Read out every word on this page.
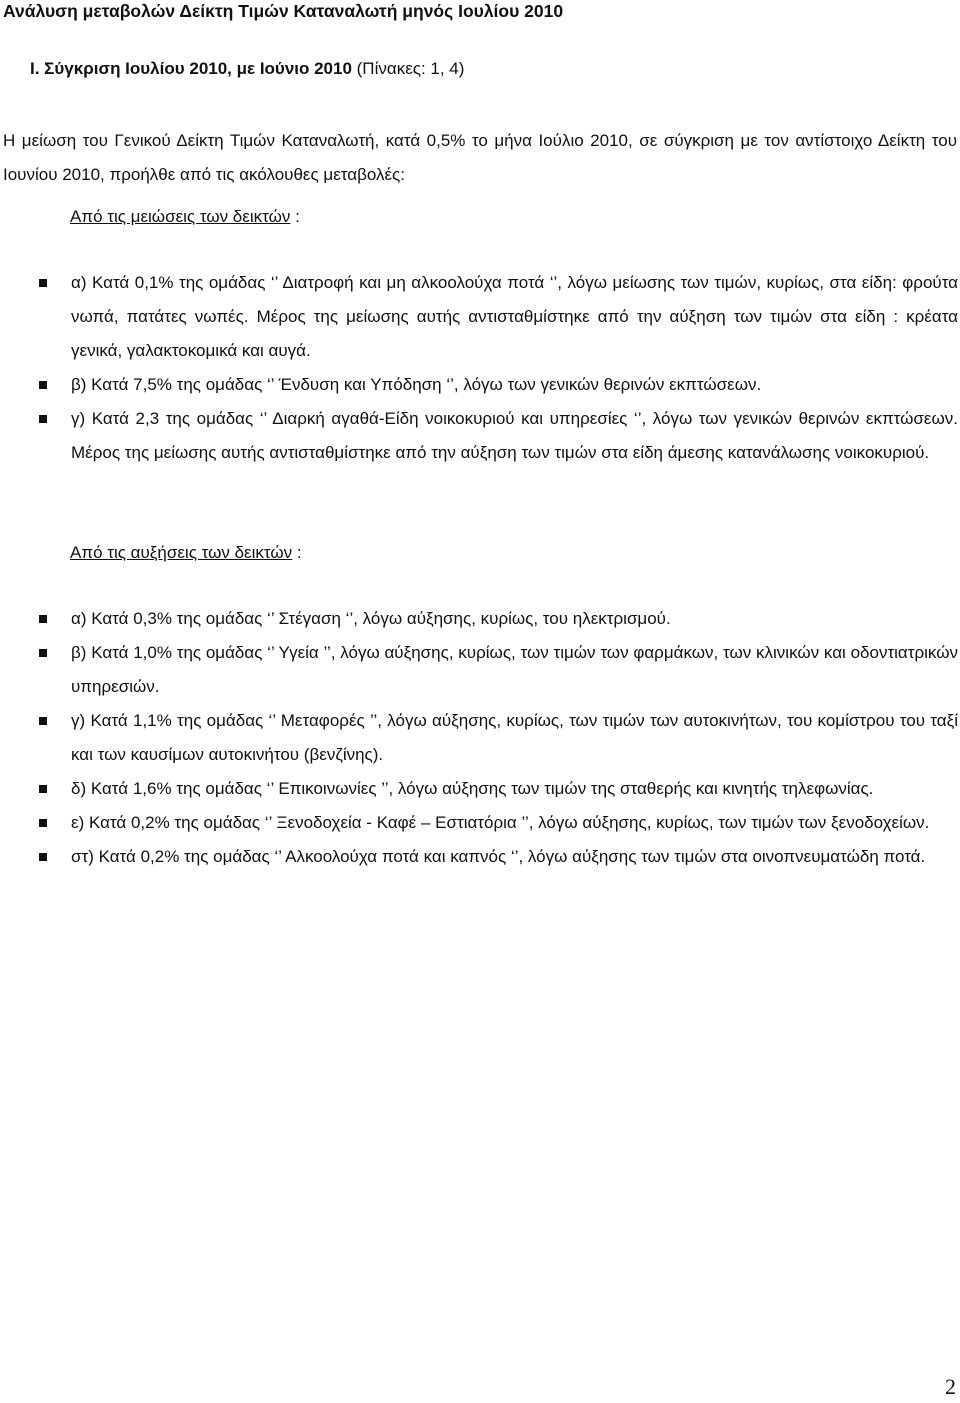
Ανάλυση μεταβολών Δείκτη Τιμών Καταναλωτή μηνός Ιουλίου 2010
Ι. Σύγκριση Ιουλίου 2010, με Ιούνιο 2010 (Πίνακες: 1, 4)
Η μείωση του Γενικού Δείκτη Τιμών Καταναλωτή, κατά 0,5% το μήνα Ιούλιο 2010, σε σύγκριση με τον αντίστοιχο Δείκτη του Ιουνίου 2010, προήλθε από τις ακόλουθες μεταβολές:
Από τις μειώσεις των δεικτών :
α) Κατά 0,1% της ομάδας ‘’ Διατροφή και μη αλκοολούχα ποτά ‘’, λόγω μείωσης των τιμών, κυρίως, στα είδη: φρούτα νωπά, πατάτες νωπές. Μέρος της μείωσης αυτής αντισταθμίστηκε από την αύξηση των τιμών στα είδη : κρέατα γενικά, γαλακτοκομικά και αυγά.
β) Κατά 7,5% της ομάδας ‘’ Ένδυση και Υπόδηση ‘’, λόγω των γενικών θερινών εκπτώσεων.
γ) Κατά 2,3 της ομάδας ‘’ Διαρκή αγαθά-Είδη νοικοκυριού και υπηρεσίες ‘’, λόγω των γενικών θερινών εκπτώσεων. Μέρος της μείωσης αυτής αντισταθμίστηκε από την αύξηση των τιμών στα είδη άμεσης κατανάλωσης νοικοκυριού.
Από τις αυξήσεις των δεικτών :
α) Κατά 0,3% της ομάδας ‘’ Στέγαση ‘’, λόγω αύξησης, κυρίως, του ηλεκτρισμού.
β) Κατά 1,0% της ομάδας ‘’ Υγεία ’’, λόγω αύξησης, κυρίως, των τιμών των φαρμάκων, των κλινικών και οδοντιατρικών υπηρεσιών.
γ) Κατά 1,1% της ομάδας ‘’ Μεταφορές ’’, λόγω αύξησης, κυρίως, των τιμών των αυτοκινήτων, του κομίστρου του ταξί και των καυσίμων αυτοκινήτου (βενζίνης).
δ) Κατά 1,6% της ομάδας ‘’ Επικοινωνίες ’’, λόγω αύξησης των τιμών της σταθερής και κινητής τηλεφωνίας.
ε) Κατά 0,2% της ομάδας ‘’ Ξενοδοχεία - Καφέ – Εστιατόρια ’’, λόγω αύξησης, κυρίως, των τιμών των ξενοδοχείων.
στ) Κατά 0,2% της ομάδας ‘’ Αλκοολούχα ποτά και καπνός ‘’, λόγω αύξησης των τιμών στα οινοπνευματώδη ποτά.
2
